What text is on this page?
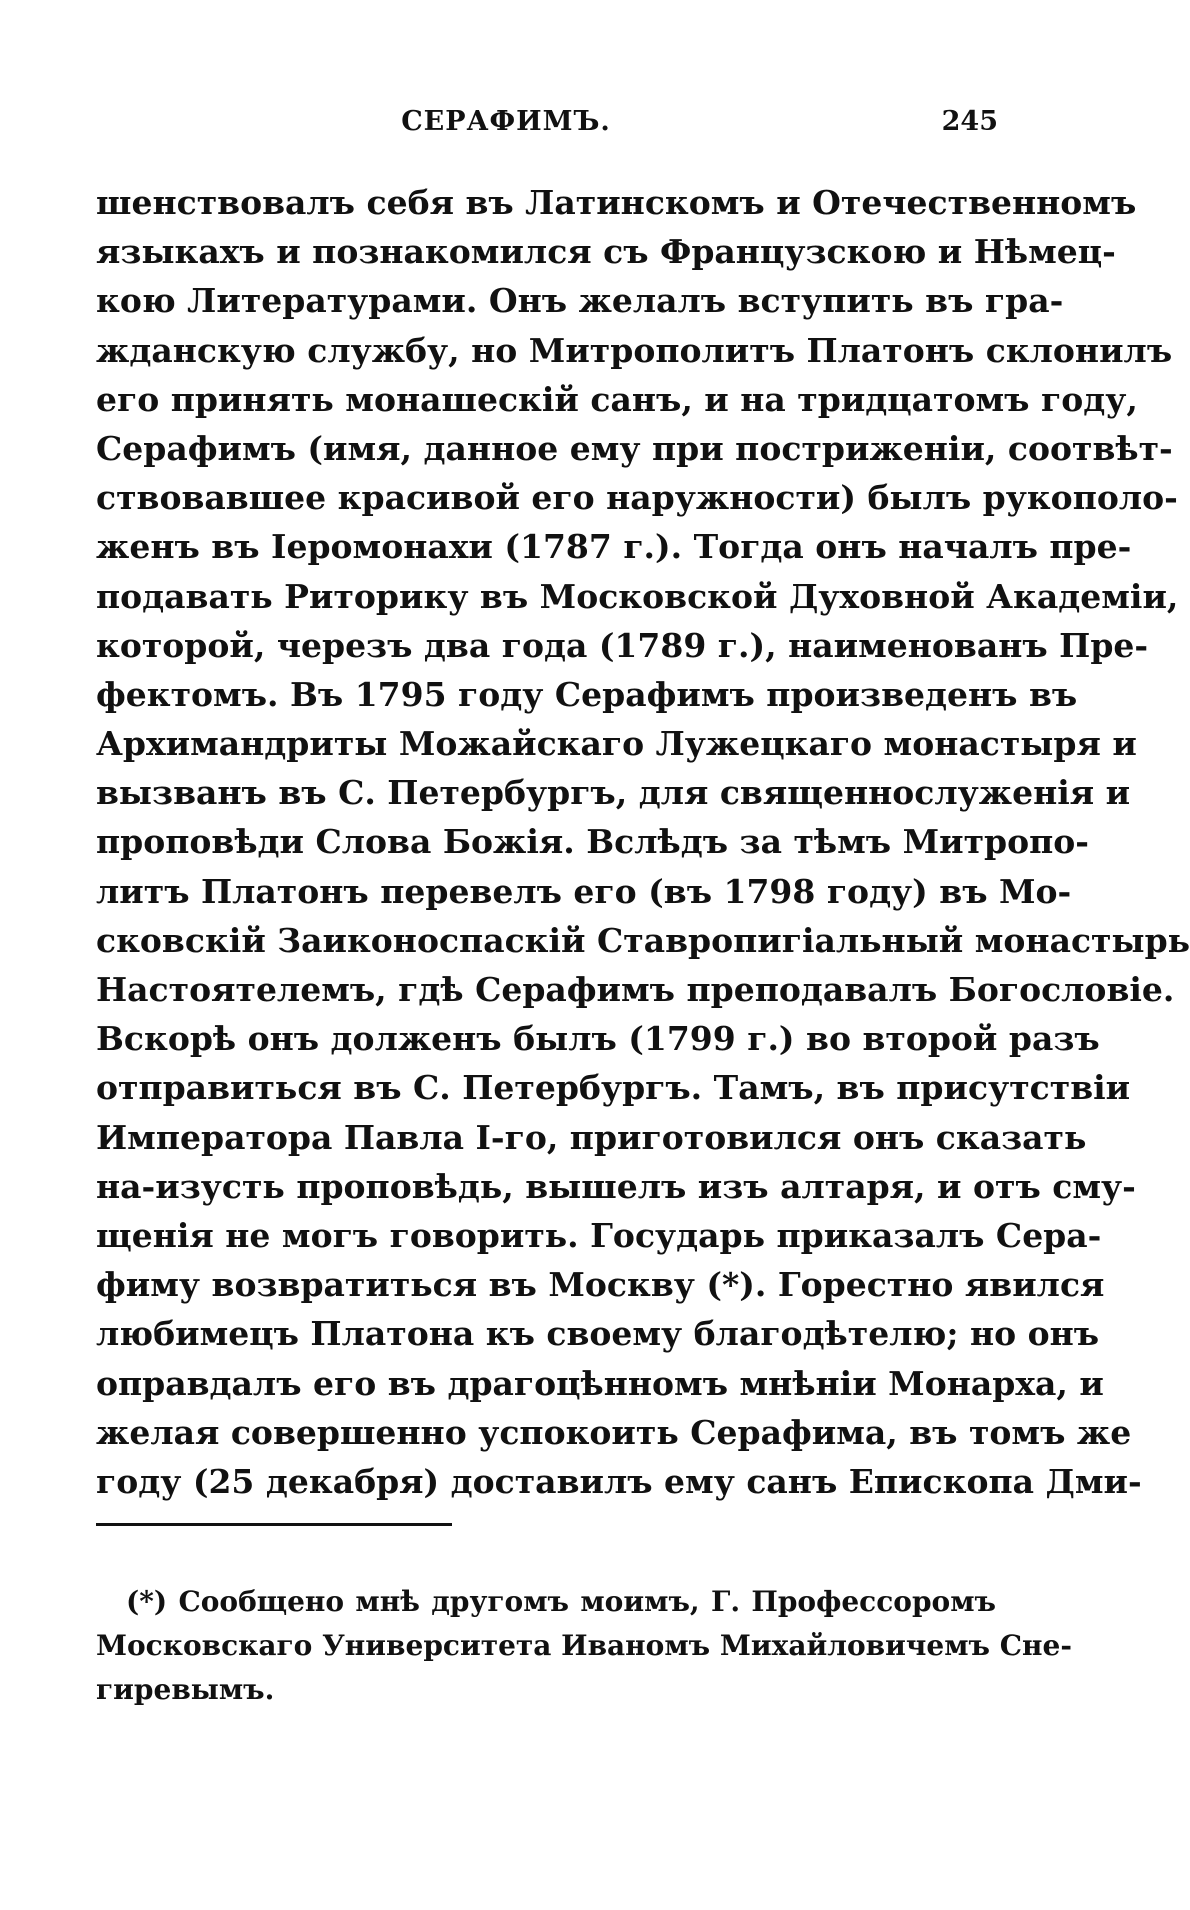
СЕРАФИМЪ.	245
шенствовалъ себя въ Латинскомъ и Отечественномъ
языкахъ и познакомился съ Французскою и Нѣмец-
кою Литературами. Онъ желалъ вступить въ гра-
жданскую службу, но Митрополитъ Платонъ склонилъ
его принять монашескій санъ, и на тридцатомъ году,
Серафимъ (имя, данное ему при постриженіи, соотвѣт-
ствовавшее красивой его наружности) былъ рукополо-
женъ въ Іеромонахи (1787 г.). Тогда онъ началъ пре-
подавать Риторику въ Московской Духовной Академіи,
которой, черезъ два года (1789 г.), наименованъ Пре-
фектомъ. Въ 1795 году Серафимъ произведенъ въ
Архимандриты Можайскаго Лужецкаго монастыря и
вызванъ въ С. Петербургъ, для священнослуженія и
проповѣди Слова Божія. Вслѣдъ за тѣмъ Митропо-
литъ Платонъ перевелъ его (въ 1798 году) въ Мо-
сковскій Заиконоспаскій Ставропигіальный монастырь
Настоятелемъ, гдѣ Серафимъ преподавалъ Богословіе.
Вскорѣ онъ долженъ былъ (1799 г.) во второй разъ
отправиться въ С. Петербургъ. Тамъ, въ присутствіи
Императора Павла І-го, приготовился онъ сказать
на-изусть проповѣдь, вышелъ изъ алтаря, и отъ сму-
щенія не могъ говорить. Государь приказалъ Сера-
фиму возвратиться въ Москву (*). Горестно явился
любимецъ Платона къ своему благодѣтелю; но онъ
оправдалъ его въ драгоцѣнномъ мнѣніи Монарха, и
желая совершенно успокоить Серафима, въ томъ же
году (25 декабря) доставилъ ему санъ Епископа Дми-
(*) Сообщено мнѣ другомъ моимъ, Г. Профессоромъ
Московскаго Университета Иваномъ Михайловичемъ Сне-
гиревымъ.
